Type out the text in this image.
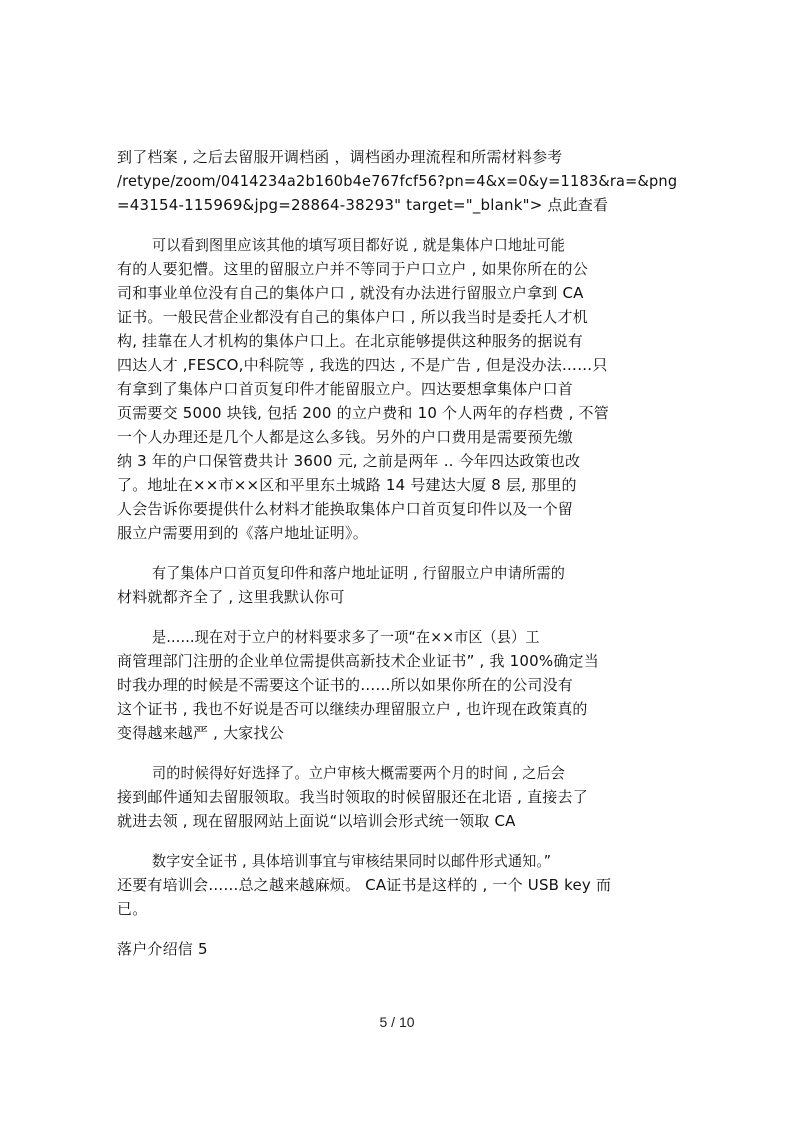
到了档案 , 之后去留服开调档函 ，调档函办理流程和所需材料参考
/retype/zoom/0414234a2b160b4e767fcf56?pn=4&x=0&y=1183&ra=&png
=43154-115969&jpg=28864-38293" target="_blank"> 点此查看
可以看到图里应该其他的填写项目都好说 , 就是集体户口地址可能
有的人要犯懵。这里的留服立户并不等同于户口立户 , 如果你所在的公
司和事业单位没有自己的集体户口 , 就没有办法进行留服立户拿到 CA
证书。一般民营企业都没有自己的集体户口 , 所以我当时是委托人才机
构, 挂靠在人才机构的集体户口上。在北京能够提供这种服务的据说有
四达人才 ,FESCO,中科院等 , 我选的四达 , 不是广告 , 但是没办法……只
有拿到了集体户口首页复印件才能留服立户。四达要想拿集体户口首
页需要交 5000 块钱, 包括 200 的立户费和 10 个人两年的存档费 , 不管
一个人办理还是几个人都是这么多钱。另外的户口费用是需要预先缴
纳 3 年的户口保管费共计 3600 元, 之前是两年 .. 今年四达政策也改
了。地址在××市××区和平里东土城路 14 号建达大厦 8 层, 那里的
人会告诉你要提供什么材料才能换取集体户口首页复印件以及一个留
服立户需要用到的《落户地址证明》。
有了集体户口首页复印件和落户地址证明 , 行留服立户申请所需的
材料就都齐全了 , 这里我默认你可
是……现在对于立户的材料要求多了一项“在××市区（县）工
商管理部门注册的企业单位需提供高新技术企业证书” , 我 100%确定当
时我办理的时候是不需要这个证书的……所以如果你所在的公司没有
这个证书 , 我也不好说是否可以继续办理留服立户 , 也许现在政策真的
变得越来越严 , 大家找公
司的时候得好好选择了。立户审核大概需要两个月的时间 , 之后会
接到邮件通知去留服领取。我当时领取的时候留服还在北语 , 直接去了
就进去领 , 现在留服网站上面说“以培训会形式统一领取 CA
数字安全证书 , 具体培训事宜与审核结果同时以邮件形式通知。”
还要有培训会……总之越来越麻烦。 CA证书是这样的 , 一个 USB key 而
已。
落户介绍信 5
5 / 10
